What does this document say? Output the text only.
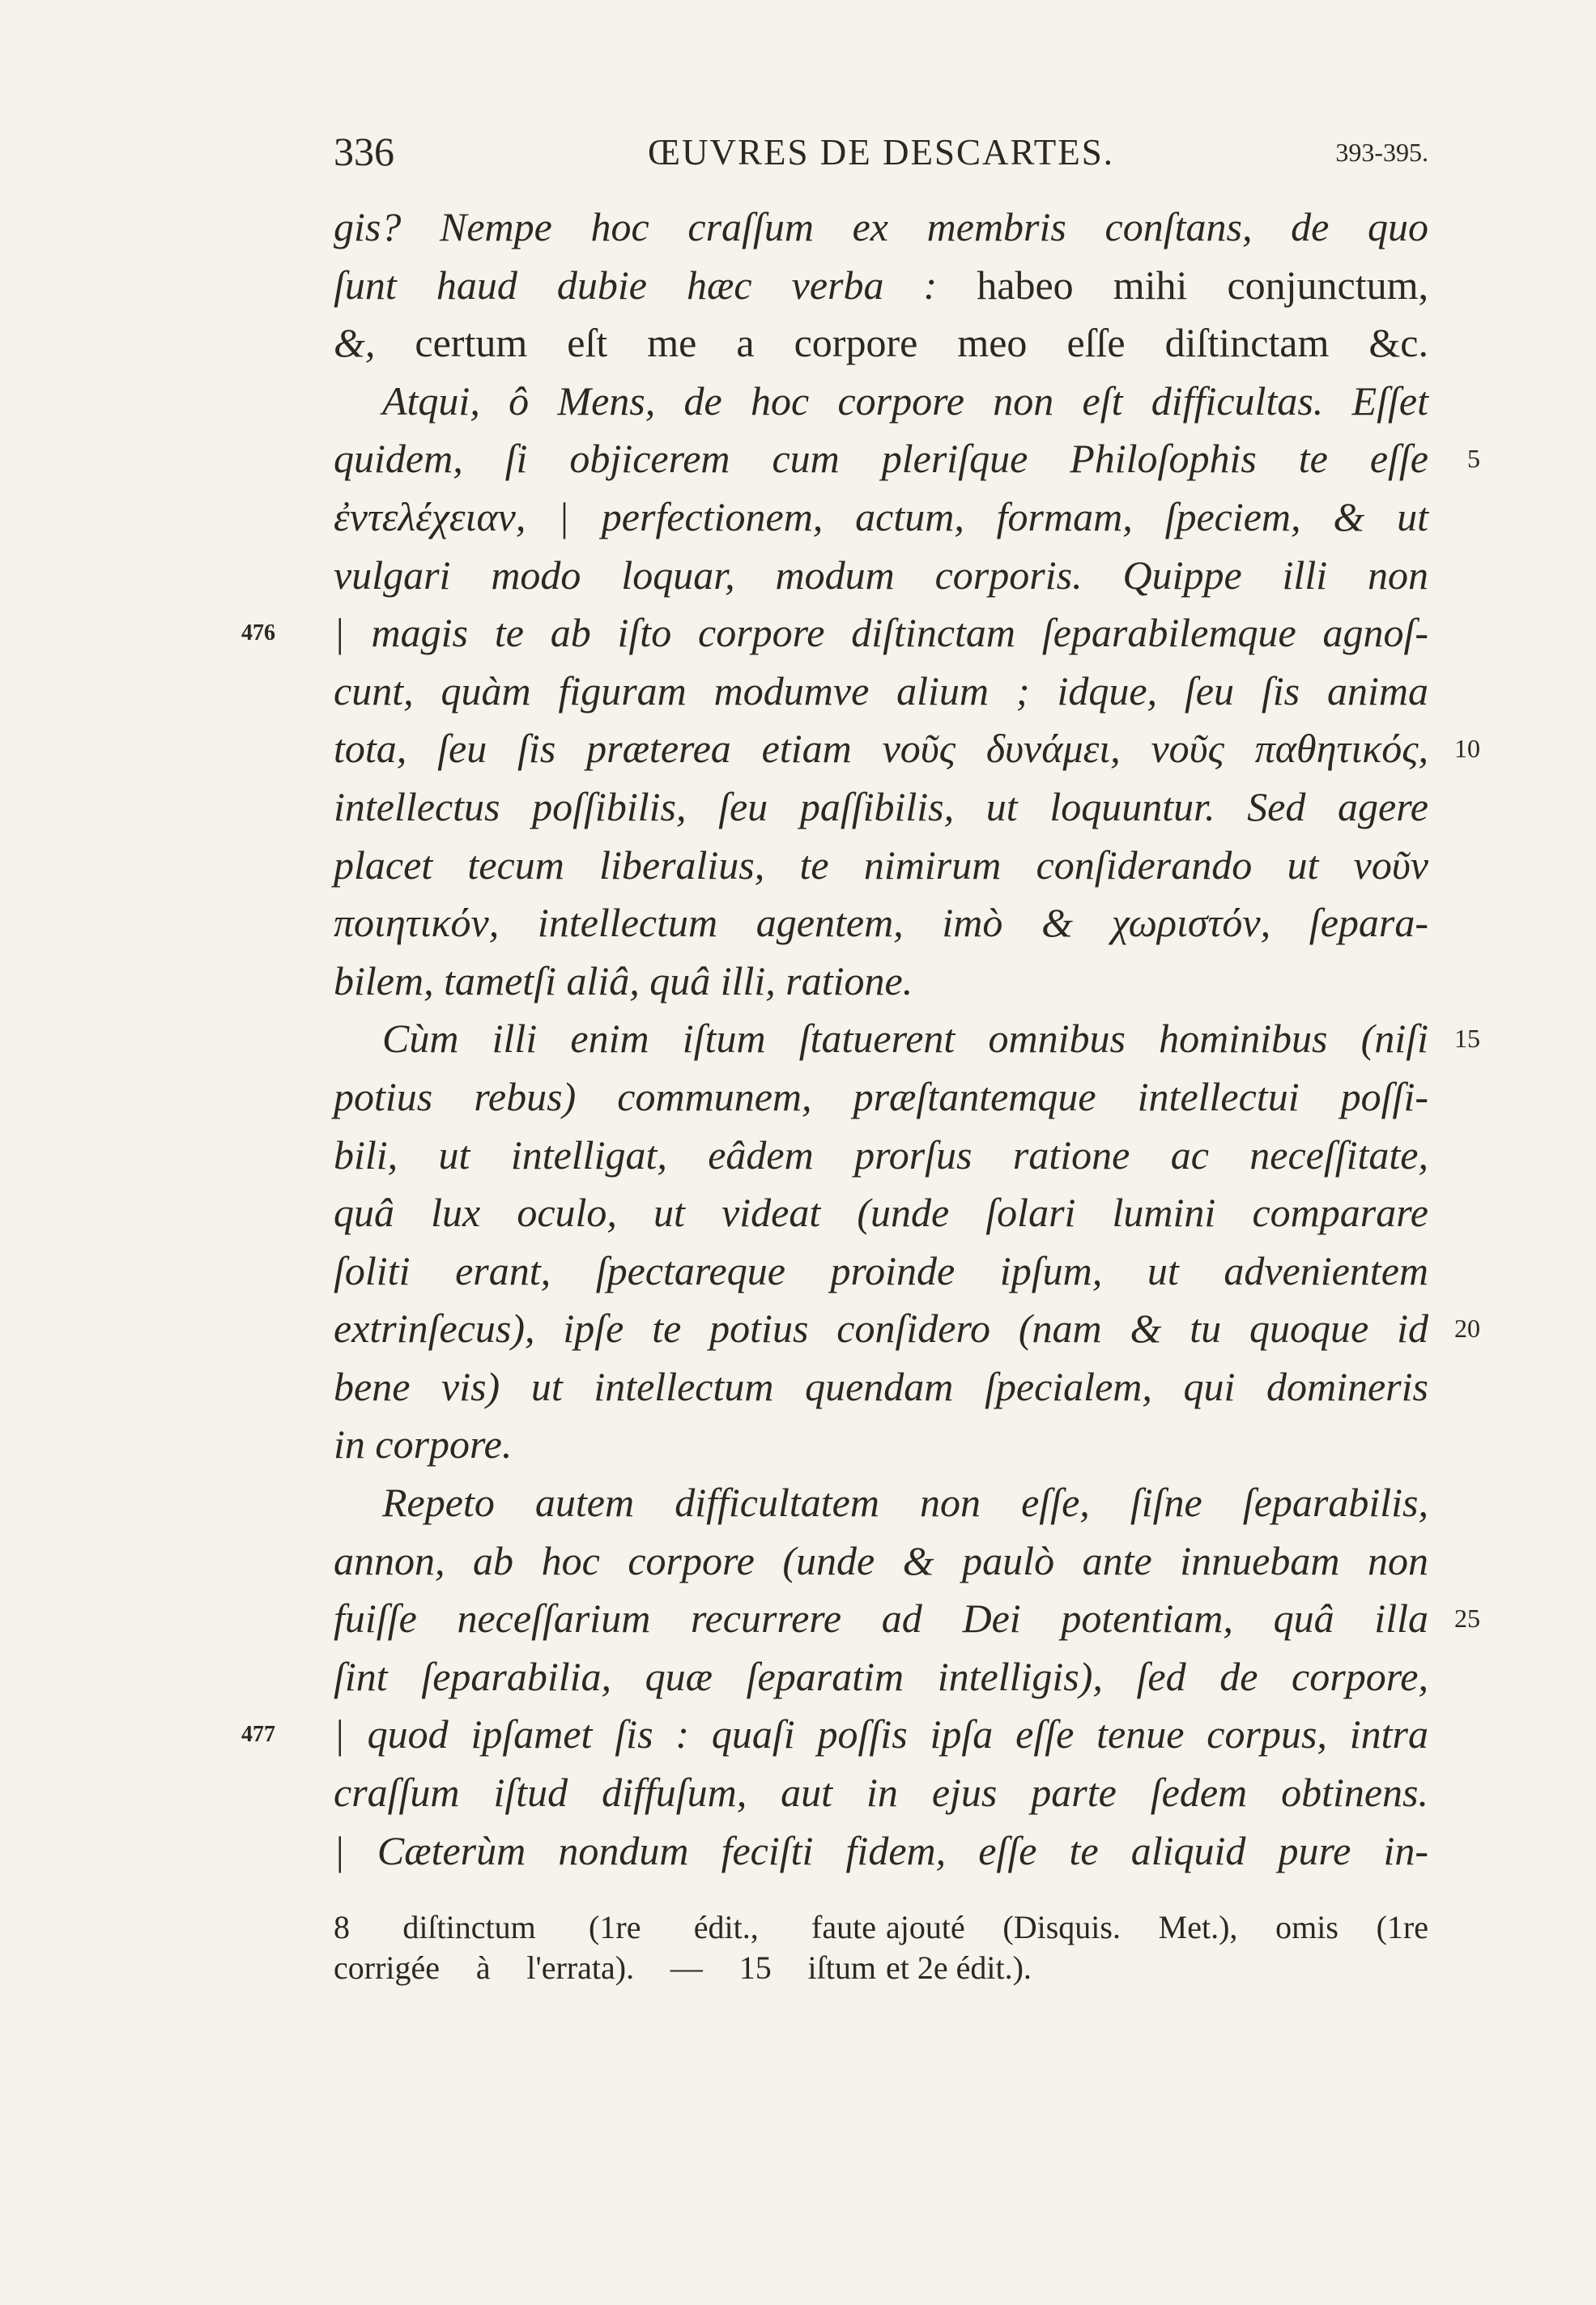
336	ŒUVRES DE DESCARTES.	393-395.
gis? Nempe hoc craſſum ex membris conſtans, de quo
ſunt haud dubie hæc verba : habeo mihi conjunctum,
&, certum eſt me a corpore meo eſſe diſtinctam &c.
Atqui, ô Mens, de hoc corpore non eſt difficultas. Eſſet
quidem, ſi objicerem cum pleriſque Philoſophis te eſſe 5
ἐντελέχειαν, | perfectionem, actum, formam, ſpeciem, & ut
vulgari modo loquar, modum corporis. Quippe illi non
| magis te ab iſto corpore diſtinctam ſeparabilemque agnoſ-
476
cunt, quàm figuram modumve alium ; idque, ſeu ſis anima
tota, ſeu ſis præterea etiam νοῦς δυνάμει, νοῦς παθητικός, 10
intellectus poſſibilis, ſeu paſſibilis, ut loquuntur. Sed agere
placet tecum liberalius, te nimirum conſiderando ut νοῦν
ποιητικόν, intellectum agentem, imò & χωριστόν, ſepara-
bilem, tametſi aliâ, quâ illi, ratione.
Cùm illi enim iſtum ſtatuerent omnibus hominibus (niſi	15
potius rebus) communem, præſtantemque intellectui poſſi-
bili, ut intelligat, eâdem prorſus ratione ac neceſſitate,
quâ lux oculo, ut videat (unde ſolari lumini comparare
ſoliti erant, ſpectareque proinde ipſum, ut advenientem
extrinſecus), ipſe te potius conſidero (nam & tu quoque id 20
bene vis) ut intellectum quendam ſpecialem, qui domineris
in corpore.
Repeto autem difficultatem non eſſe, ſiſne ſeparabilis,
annon, ab hoc corpore (unde & paulò ante innuebam non
fuiſſe neceſſarium recurrere ad Dei potentiam, quâ illa 25
ſint ſeparabilia, quæ ſeparatim intelligis), ſed de corpore,
| quod ipſamet ſis : quaſi poſſis ipſa eſſe tenue corpus, intra
477
craſſum iſtud diffuſum, aut in ejus parte ſedem obtinens.
| Cæterùm nondum feciſti fidem, eſſe te aliquid pure in-
8 diſtinctum (1re édit., faute
corrigée à l'errata). — 15 iſtum
ajouté (Disquis. Met.), omis (1re
et 2e édit.).
